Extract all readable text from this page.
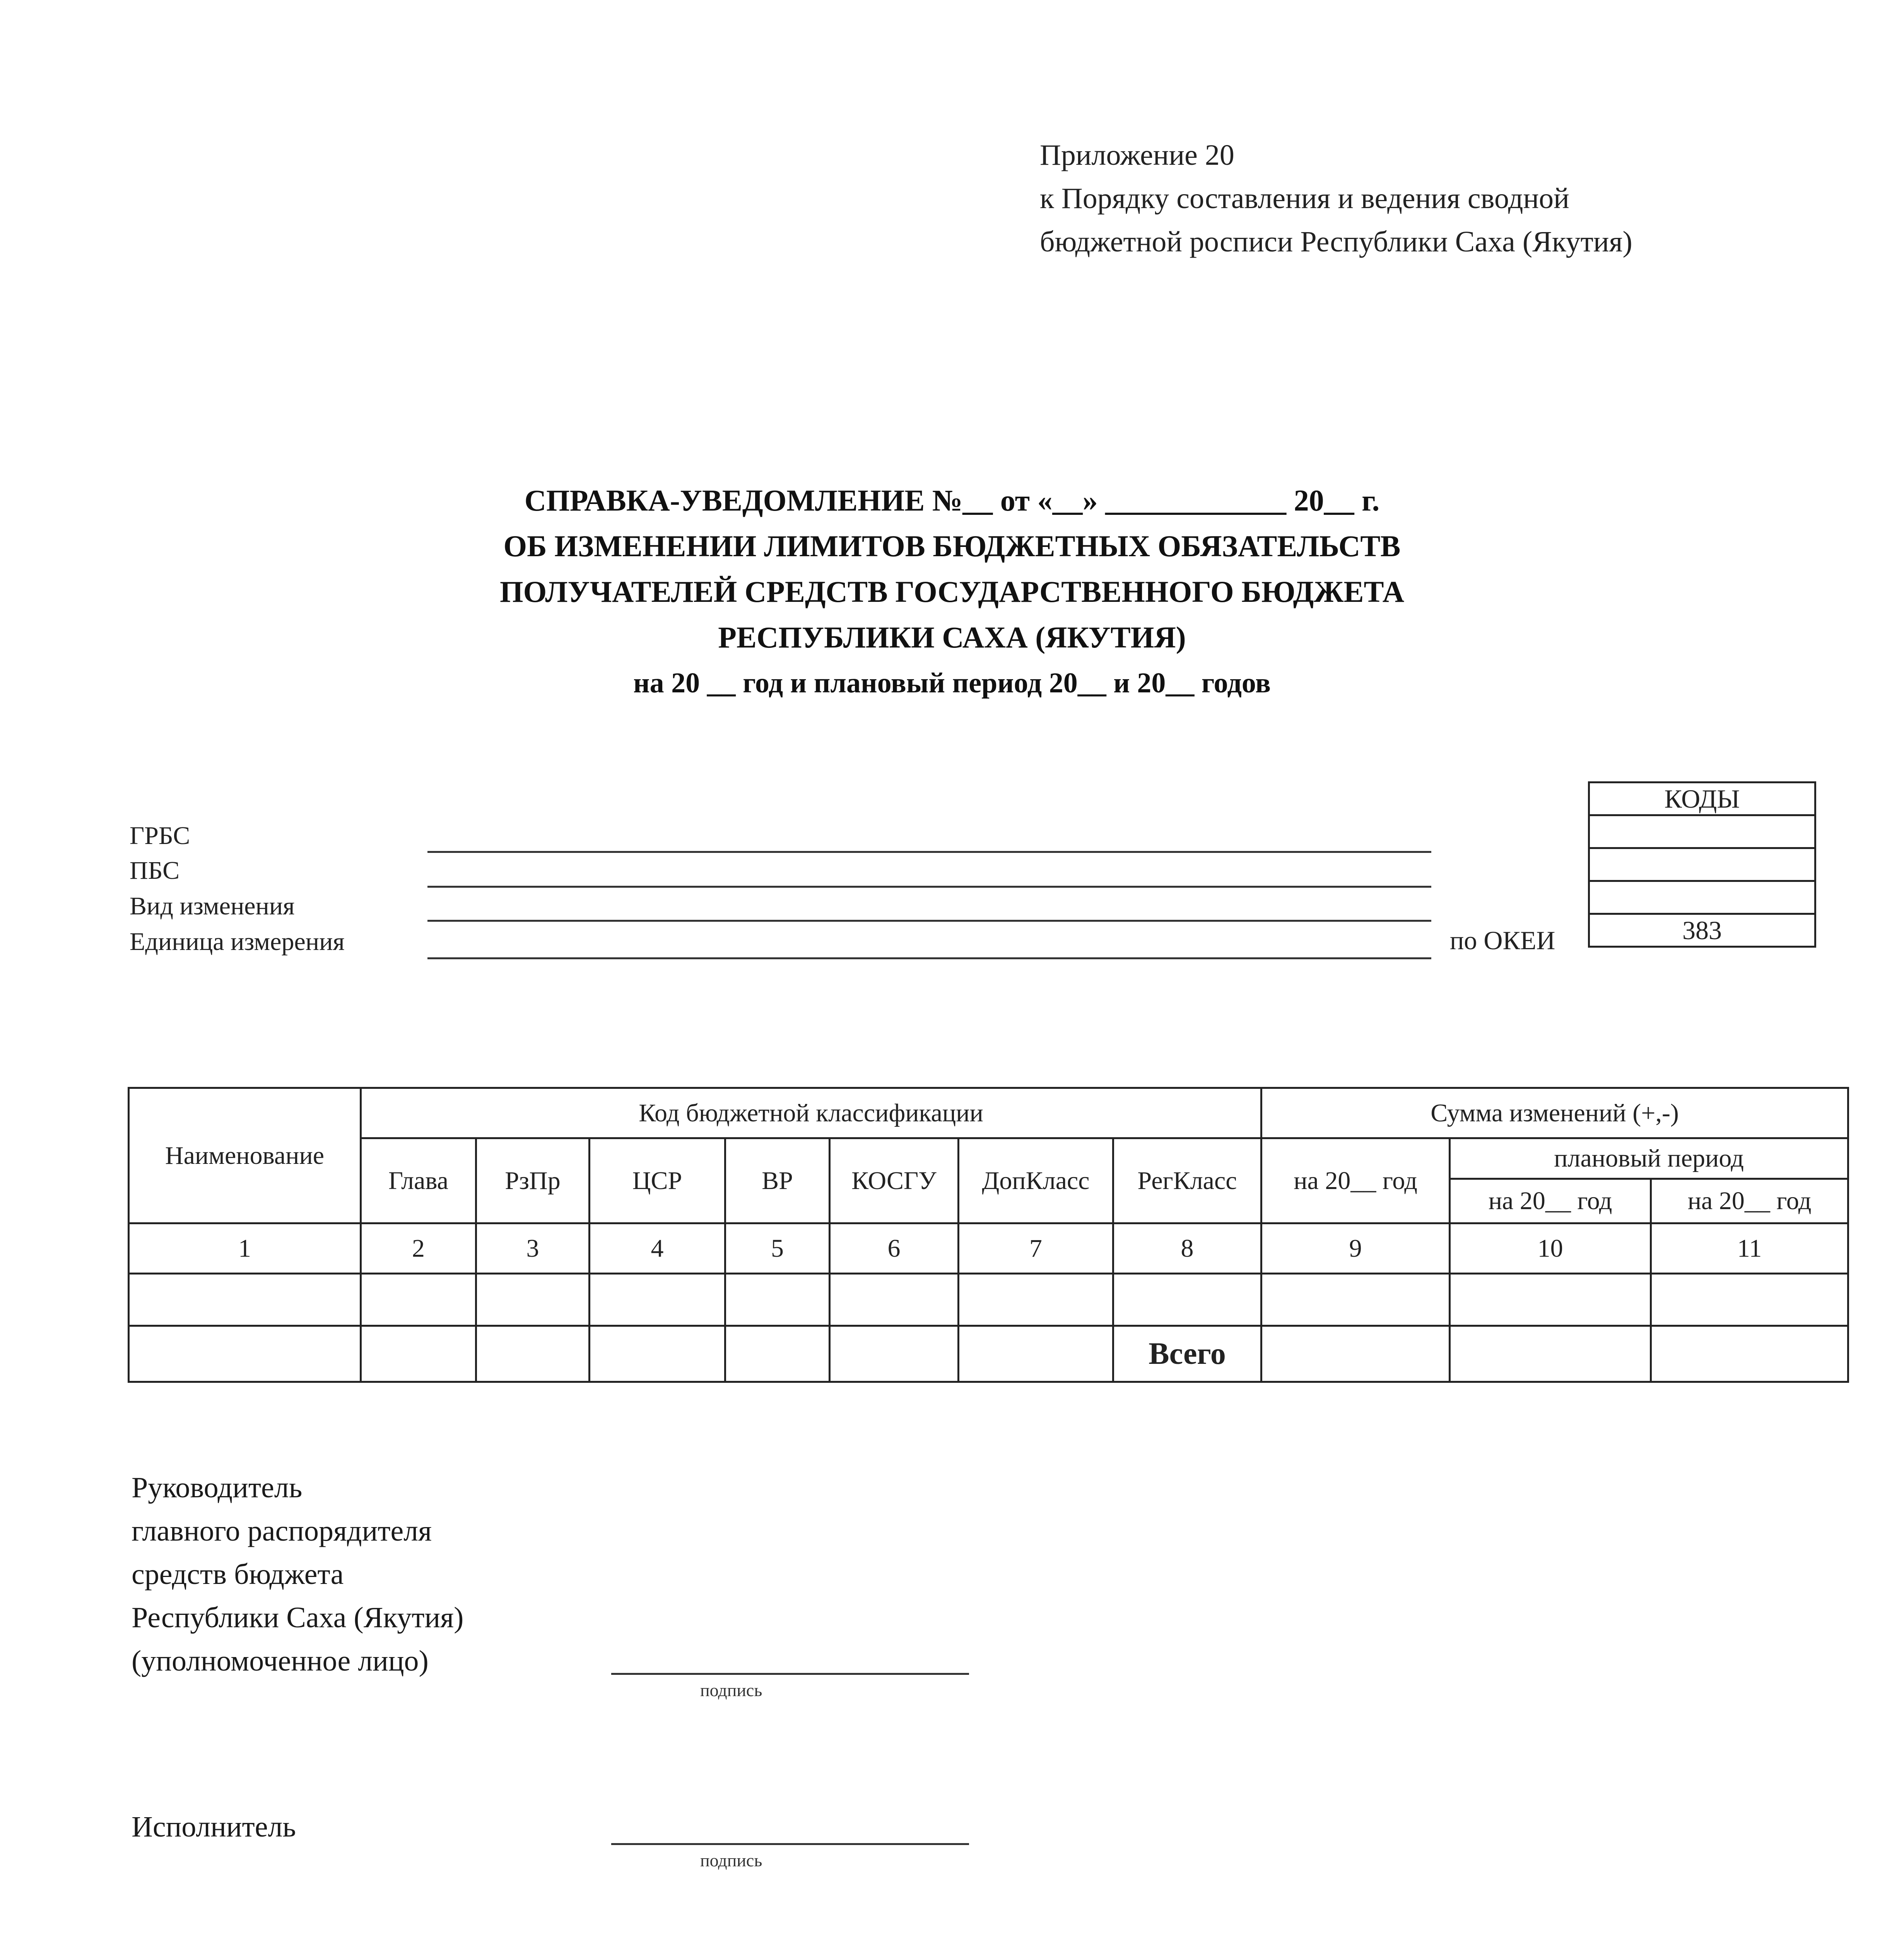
Приложение 20
к Порядку составления и ведения сводной
бюджетной росписи Республики Саха (Якутия)
СПРАВКА-УВЕДОМЛЕНИЕ №__ от «__» ____________ 20__ г.
ОБ ИЗМЕНЕНИИ ЛИМИТОВ БЮДЖЕТНЫХ ОБЯЗАТЕЛЬСТВ
ПОЛУЧАТЕЛЕЙ СРЕДСТВ ГОСУДАРСТВЕННОГО БЮДЖЕТА
РЕСПУБЛИКИ САХА (ЯКУТИЯ)
на 20 __ год и плановый период 20__ и 20__ годов
ГРБС
ПБС
Вид изменения
Единица измерения	по ОКЕИ
КОДЫ

383
Наименование	Код бюджетной классификации							Сумма изменений (+,-)		
	Глава	РзПр	ЦСР	ВР	КОСГУ	ДопКласс	РегКласс	на 20__ год	плановый период	
									на 20__ год	на 20__ год
1	2	3	4	5	6	7	8	9	10	11

							Всего			
Руководитель
главного распорядителя
средств бюджета
Республики Саха (Якутия)
(уполномоченное лицо)
подпись
Исполнитель
подпись
